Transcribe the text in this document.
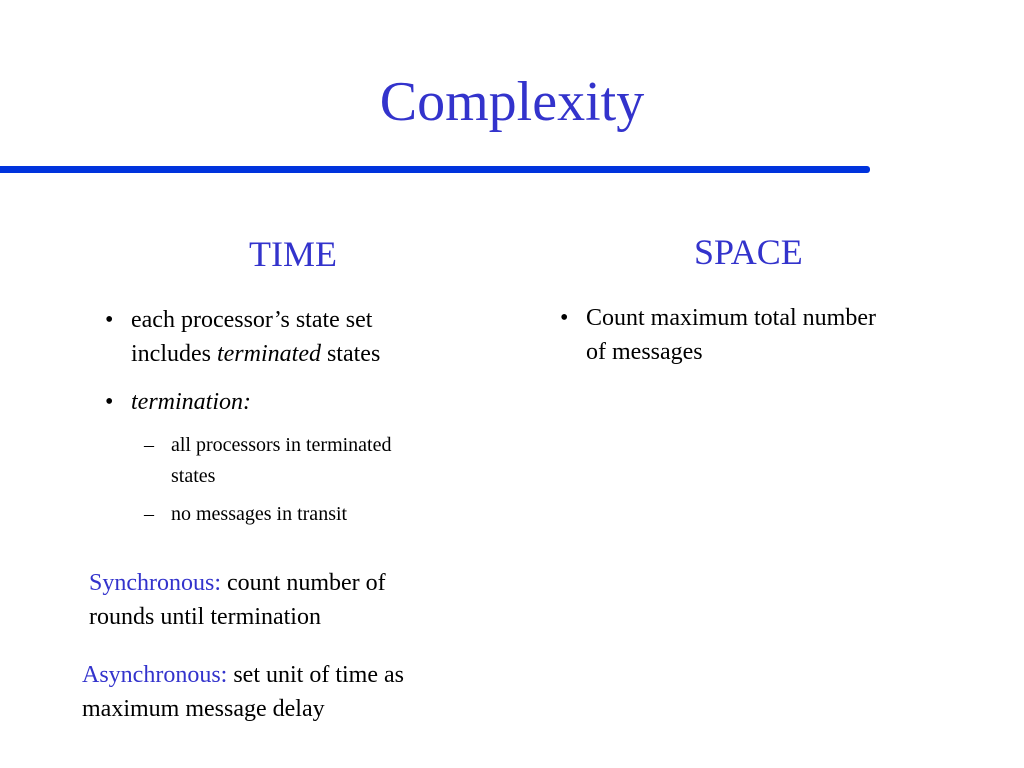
Complexity
TIME
• each processor’s state set
includes terminated states
• termination:
– all processors in terminated
states
– no messages in transit
Synchronous: count number of
rounds until termination
Asynchronous: set unit of time as
maximum message delay
SPACE
• Count maximum total number
of messages
